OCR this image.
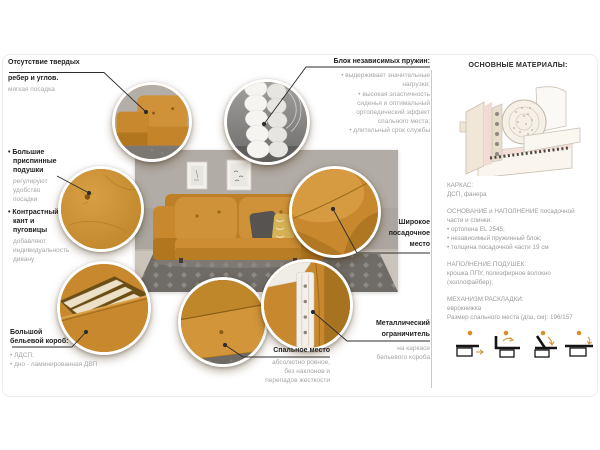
Отсутствие твердых
ребер и углов.
мягкая посадка
• Большие
приспинные
подушки
регулируют
удобство
посадки
• Контрастный
кант и
пуговицы
добавляют
индивидуальность
дивану
Большой
бельевой короб:
• ЛДСП;
• дно - ламинированная ДВП
Блок независимых пружин:
• выдерживает значительные
нагрузки;
• высокая эластичность
сиденья и оптимальный
ортопедический эффект
спального места;
• длительный срок службы
Широкое
посадочное
место
Металлический
ограничитель
на каркасе
бельевого короба
Спальное место
абсолютно ровное,
без наклонов и
перепадов жесткости
ОСНОВНЫЕ МАТЕРИАЛЫ:
КАРКАС:
ДСП, фанера
ОСНОВАНИЕ и НАПОЛНЕНИЕ посадочной
части и спинки:
• ортопена EL 2545;
• независимый пружинный блок;
• толщина посадочной части 19 см
НАПОЛНЕНИЕ ПОДУШЕК:
крошка ППУ, полиэфирное волокно
(холлофайбер);
МЕХАНИЗМ РАСКЛАДКИ:
еврокнижка
Размер спального места (д/ш, см): 196/157
